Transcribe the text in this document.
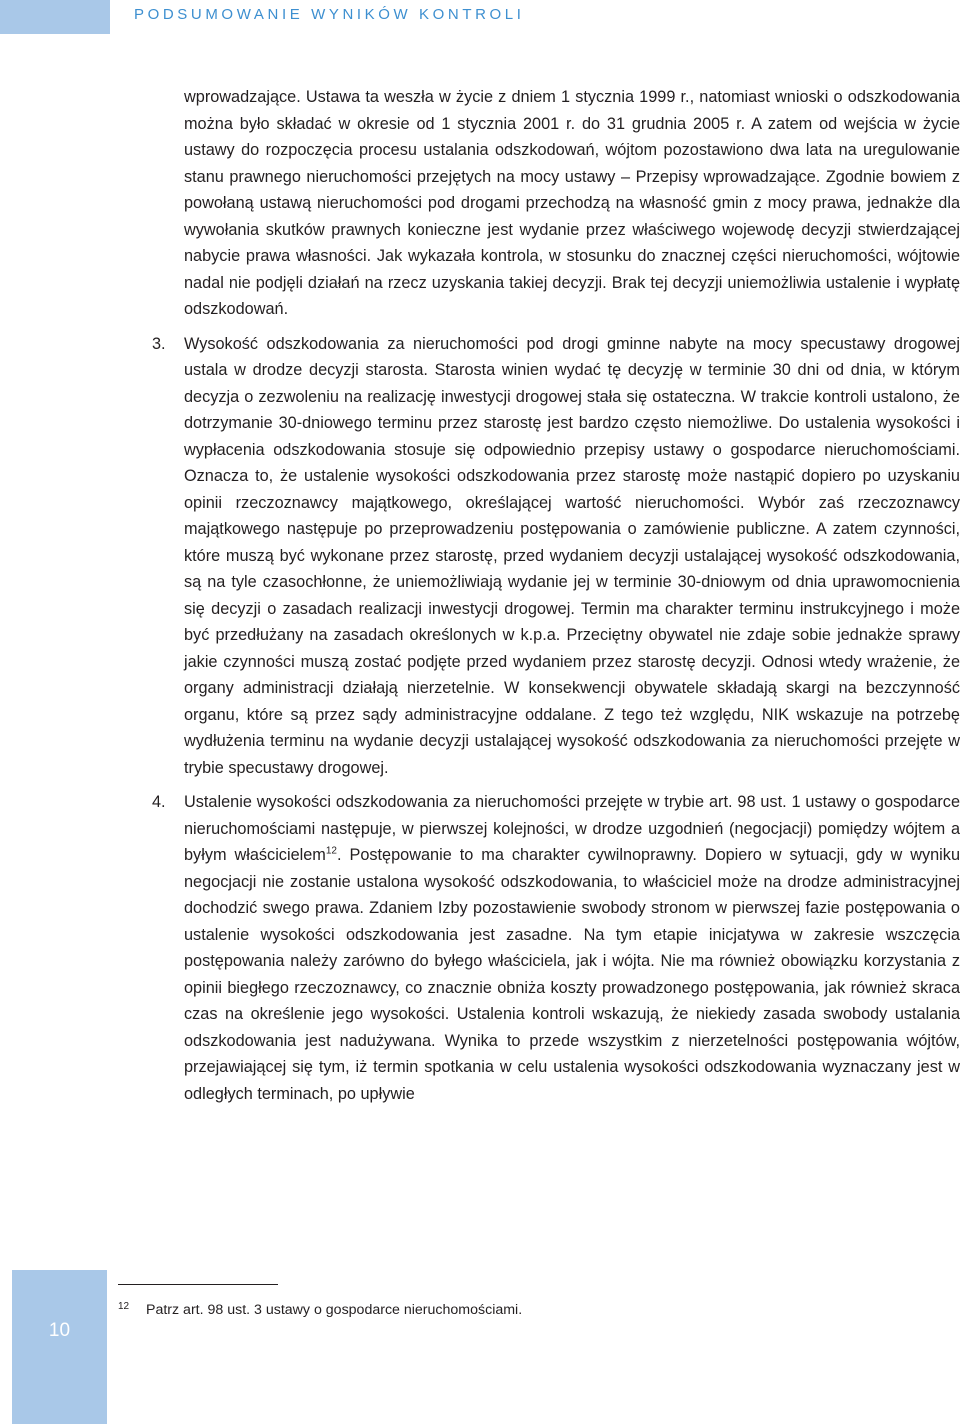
PODSUMOWANIE WYNIKÓW KONTROLI

wprowadzające. Ustawa ta weszła w życie z dniem 1 stycznia 1999 r., natomiast wnioski o odszkodowania można było składać w okresie od 1 stycznia 2001 r. do 31 grudnia 2005 r. A zatem od wejścia w życie ustawy do rozpoczęcia procesu ustalania odszkodowań, wójtom pozostawiono dwa lata na uregulowanie stanu prawnego nieruchomości przejętych na mocy ustawy – Przepisy wprowadzające. Zgodnie bowiem z powołaną ustawą nieruchomości pod drogami przechodzą na własność gmin z mocy prawa, jednakże dla wywołania skutków prawnych konieczne jest wydanie przez właściwego wojewodę decyzji stwierdzającej nabycie prawa własności. Jak wykazała kontrola, w stosunku do znacznej części nieruchomości, wójtowie nadal nie podjęli działań na rzecz uzyskania takiej decyzji. Brak tej decyzji uniemożliwia ustalenie i wypłatę odszkodowań.

3. Wysokość odszkodowania za nieruchomości pod drogi gminne nabyte na mocy specustawy drogowej ustala w drodze decyzji starosta. Starosta winien wydać tę decyzję w terminie 30 dni od dnia, w którym decyzja o zezwoleniu na realizację inwestycji drogowej stała się ostateczna. W trakcie kontroli ustalono, że dotrzymanie 30-dniowego terminu przez starostę jest bardzo często niemożliwe. Do ustalenia wysokości i wypłacenia odszkodowania stosuje się odpowiednio przepisy ustawy o gospodarce nieruchomościami. Oznacza to, że ustalenie wysokości odszkodowania przez starostę może nastąpić dopiero po uzyskaniu opinii rzeczoznawcy majątkowego, określającej wartość nieruchomości. Wybór zaś rzeczoznawcy majątkowego następuje po przeprowadzeniu postępowania o zamówienie publiczne. A zatem czynności, które muszą być wykonane przez starostę, przed wydaniem decyzji ustalającej wysokość odszkodowania, są na tyle czasochłonne, że uniemożliwiają wydanie jej w terminie 30-dniowym od dnia uprawomocnienia się decyzji o zasadach realizacji inwestycji drogowej. Termin ma charakter terminu instrukcyjnego i może być przedłużany na zasadach określonych w k.p.a. Przeciętny obywatel nie zdaje sobie jednakże sprawy jakie czynności muszą zostać podjęte przed wydaniem przez starostę decyzji. Odnosi wtedy wrażenie, że organy administracji działają nierzetelnie. W konsekwencji obywatele składają skargi na bezczynność organu, które są przez sądy administracyjne oddalane. Z tego też względu, NIK wskazuje na potrzebę wydłużenia terminu na wydanie decyzji ustalającej wysokość odszkodowania za nieruchomości przejęte w trybie specustawy drogowej.

4. Ustalenie wysokości odszkodowania za nieruchomości przejęte w trybie art. 98 ust. 1 ustawy o gospodarce nieruchomościami następuje, w pierwszej kolejności, w drodze uzgodnień (negocjacji) pomiędzy wójtem a byłym właścicielem$^{12}$. Postępowanie to ma charakter cywilnoprawny. Dopiero w sytuacji, gdy w wyniku negocjacji nie zostanie ustalona wysokość odszkodowania, to właściciel może na drodze administracyjnej dochodzić swego prawa. Zdaniem Izby pozostawienie swobody stronom w pierwszej fazie postępowania o ustalenie wysokości odszkodowania jest zasadne. Na tym etapie inicjatywa w zakresie wszczęcia postępowania należy zarówno do byłego właściciela, jak i wójta. Nie ma również obowiązku korzystania z opinii biegłego rzeczoznawcy, co znacznie obniża koszty prowadzonego postępowania, jak również skraca czas na określenie jego wysokości. Ustalenia kontroli wskazują, że niekiedy zasada swobody ustalania odszkodowania jest nadużywana. Wynika to przede wszystkim z nierzetelności postępowania wójtów, przejawiającej się tym, iż termin spotkania w celu ustalenia wysokości odszkodowania wyznaczany jest w odległych terminach, po upływie

10
12 Patrz art. 98 ust. 3 ustawy o gospodarce nieruchomościami.
